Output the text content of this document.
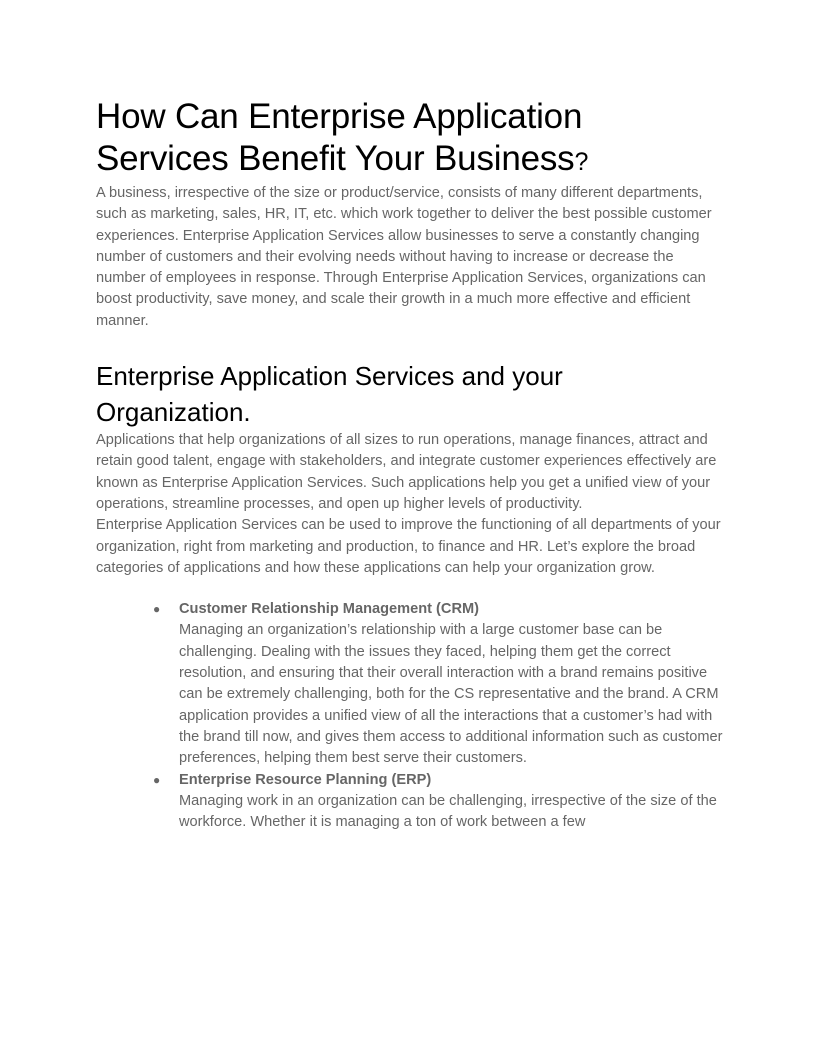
How Can Enterprise Application Services Benefit Your Business?

A business, irrespective of the size or product/service, consists of many different departments, such as marketing, sales, HR, IT, etc. which work together to deliver the best possible customer experiences. Enterprise Application Services allow businesses to serve a constantly changing number of customers and their evolving needs without having to increase or decrease the number of employees in response. Through Enterprise Application Services, organizations can boost productivity, save money, and scale their growth in a much more effective and efficient manner.

Enterprise Application Services and your Organization.

Applications that help organizations of all sizes to run operations, manage finances, attract and retain good talent, engage with stakeholders, and integrate customer experiences effectively are known as Enterprise Application Services. Such applications help you get a unified view of your operations, streamline processes, and open up higher levels of productivity.

Enterprise Application Services can be used to improve the functioning of all departments of your organization, right from marketing and production, to finance and HR. Let’s explore the broad categories of applications and how these applications can help your organization grow.

● Customer Relationship Management (CRM)
Managing an organization’s relationship with a large customer base can be challenging. Dealing with the issues they faced, helping them get the correct resolution, and ensuring that their overall interaction with a brand remains positive can be extremely challenging, both for the CS representative and the brand. A CRM application provides a unified view of all the interactions that a customer’s had with the brand till now, and gives them access to additional information such as customer preferences, helping them best serve their customers.
● Enterprise Resource Planning (ERP)
Managing work in an organization can be challenging, irrespective of the size of the workforce. Whether it is managing a ton of work between a few
